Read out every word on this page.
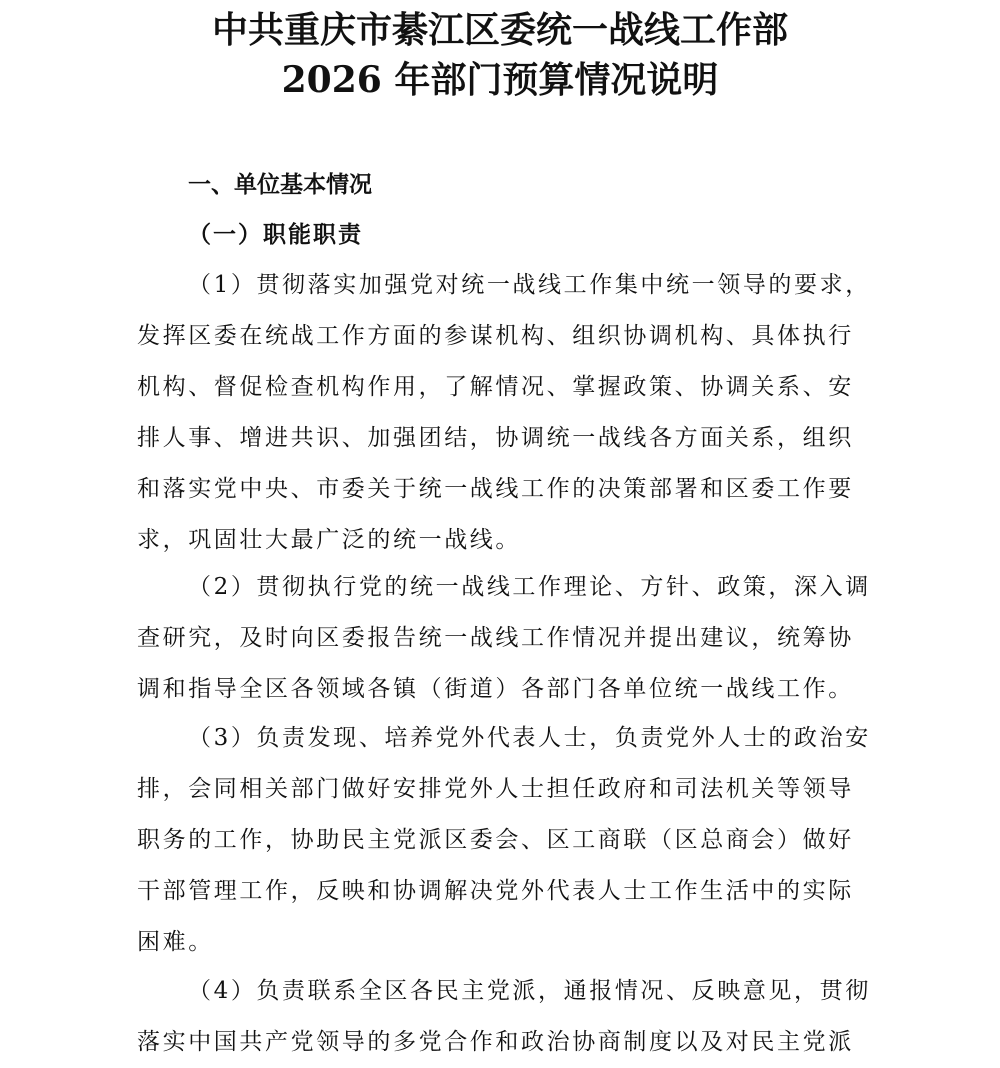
中共重庆市綦江区委统一战线工作部
2026 年部门预算情况说明
一、单位基本情况
（一）职能职责

（1）贯彻落实加强党对统一战线工作集中统一领导的要求，
发挥区委在统战工作方面的参谋机构、组织协调机构、具体执行
机构、督促检查机构作用，了解情况、掌握政策、协调关系、安
排人事、增进共识、加强团结，协调统一战线各方面关系，组织
和落实党中央、市委关于统一战线工作的决策部署和区委工作要
求，巩固壮大最广泛的统一战线。

（2）贯彻执行党的统一战线工作理论、方针、政策，深入调
查研究，及时向区委报告统一战线工作情况并提出建议，统筹协
调和指导全区各领域各镇（街道）各部门各单位统一战线工作。

（3）负责发现、培养党外代表人士，负责党外人士的政治安
排，会同相关部门做好安排党外人士担任政府和司法机关等领导
职务的工作，协助民主党派区委会、区工商联（区总商会）做好
干部管理工作，反映和协调解决党外代表人士工作生活中的实际
困难。

（4）负责联系全区各民主党派，通报情况、反映意见，贯彻
落实中国共产党领导的多党合作和政治协商制度以及对民主党派
